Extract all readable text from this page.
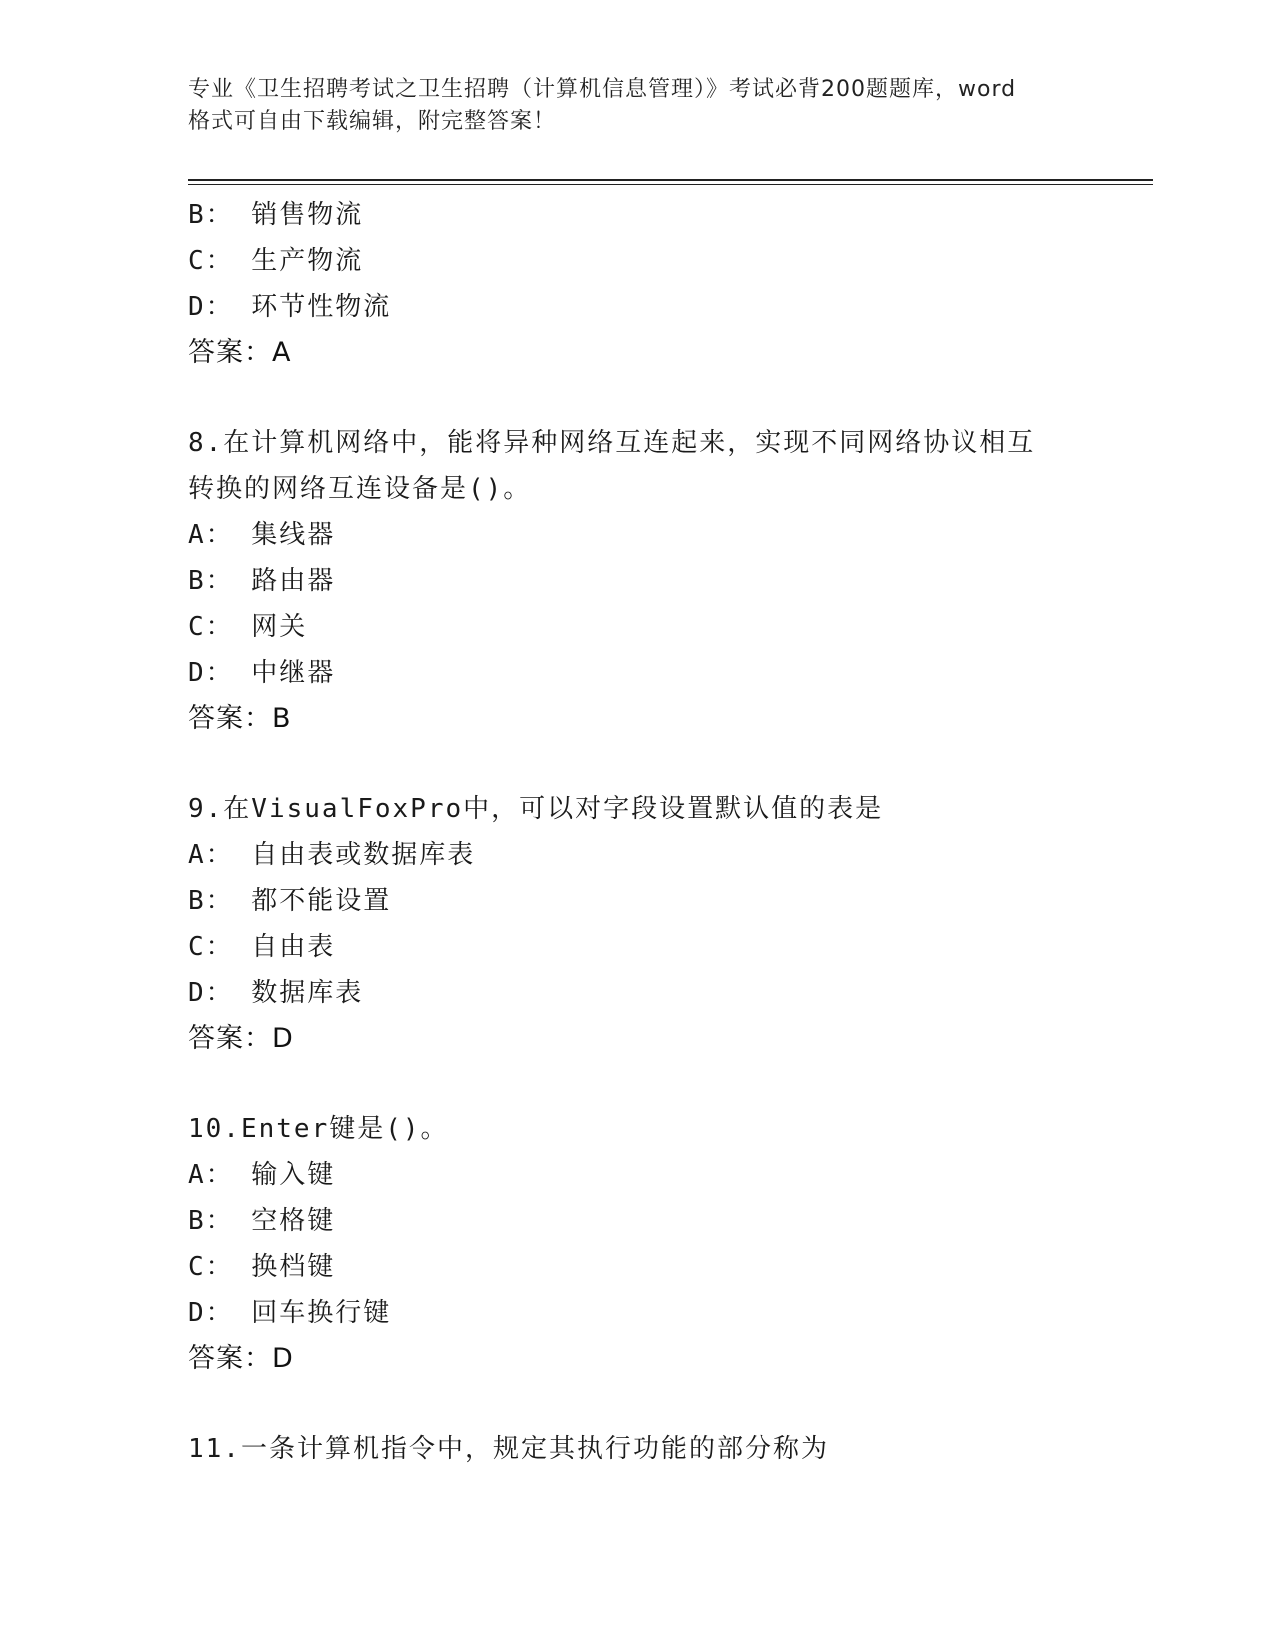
专业《卫生招聘考试之卫生招聘（计算机信息管理）》考试必背200题题库，word
格式可自由下载编辑，附完整答案！
B： 销售物流
C： 生产物流
D： 环节性物流
答案：A
8.在计算机网络中，能将异种网络互连起来，实现不同网络协议相互
转换的网络互连设备是()。
A： 集线器
B： 路由器
C： 网关
D： 中继器
答案：B
9.在VisualFoxPro中，可以对字段设置默认值的表是
A： 自由表或数据库表
B： 都不能设置
C： 自由表
D： 数据库表
答案：D
10.Enter键是()。
A： 输入键
B： 空格键
C： 换档键
D： 回车换行键
答案：D
11.一条计算机指令中，规定其执行功能的部分称为
